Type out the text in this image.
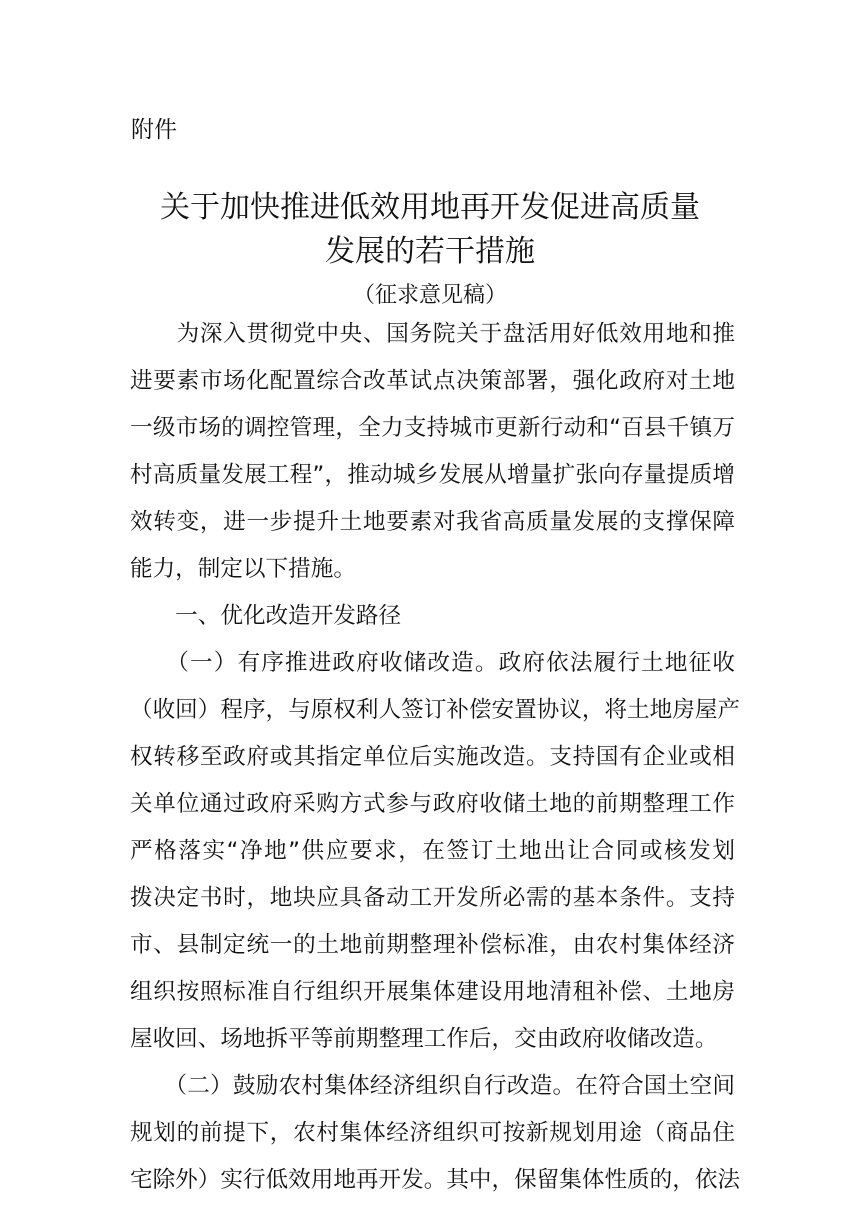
附件
关于加快推进低效用地再开发促进高质量
发展的若干措施
（征求意见稿）
　　为深入贯彻党中央、国务院关于盘活用好低效用地和推
进要素市场化配置综合改革试点决策部署，强化政府对土地
一级市场的调控管理，全力支持城市更新行动和“百县千镇万
村高质量发展工程”，推动城乡发展从增量扩张向存量提质增
效转变，进一步提升土地要素对我省高质量发展的支撑保障
能力，制定以下措施。
　　一、优化改造开发路径
　　（一）有序推进政府收储改造。政府依法履行土地征收
（收回）程序，与原权利人签订补偿安置协议，将土地房屋产
权转移至政府或其指定单位后实施改造。支持国有企业或相
关单位通过政府采购方式参与政府收储土地的前期整理工作
严格落实“净地”供应要求，在签订土地出让合同或核发划
拨决定书时，地块应具备动工开发所必需的基本条件。支持
市、县制定统一的土地前期整理补偿标准，由农村集体经济
组织按照标准自行组织开展集体建设用地清租补偿、土地房
屋收回、场地拆平等前期整理工作后，交由政府收储改造。
　　（二）鼓励农村集体经济组织自行改造。在符合国土空间
规划的前提下，农村集体经济组织可按新规划用途（商品住
宅除外）实行低效用地再开发。其中，保留集体性质的，依法
